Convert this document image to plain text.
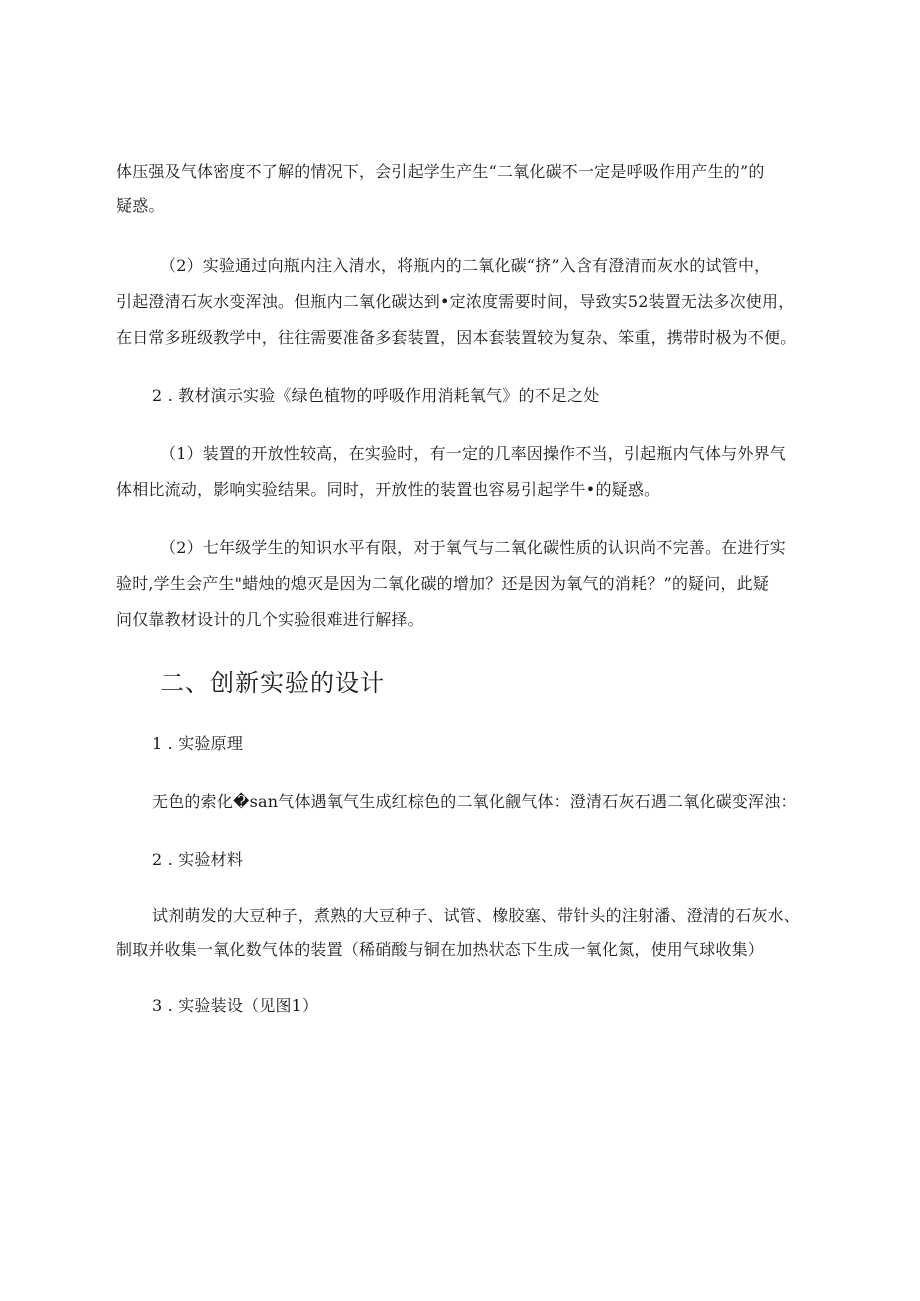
体压强及气体密度不了解的情况下，会引起学生产生“二氧化碳不一定是呼吸作用产生的”的
疑惑。
（2）实验通过向瓶内注入清水，将瓶内的二氧化碳“挤”入含有澄清而灰水的试管中，
引起澄清石灰水变浑浊。但瓶内二氧化碳达到•定浓度需要时间，导致实52装置无法多次使用，
在日常多班级教学中，往往需要准备多套装置，因本套装置较为复杂、笨重，携带时极为不便。
2 . 教材演示实验《绿色植物的呼吸作用消耗氧气》的不足之处
（1）装置的开放性较高，在实验时，有一定的几率因操作不当，引起瓶内气体与外界气
体相比流动，影响实验结果。同时，开放性的装置也容易引起学牛•的疑惑。
（2）七年级学生的知识水平有限，对于氧气与二氧化碳性质的认识尚不完善。在进行实
验时,学生会产生"蜡烛的熄灭是因为二氧化碳的增加？还是因为氧气的消耗？”的疑问，此疑
问仅靠教材设计的几个实验很难进行解择。
二、创新实验的设计
1 . 实验原理
无色的索化�san气体遇氧气生成红棕色的二氧化觎气体：澄清石灰石遇二氧化碳变浑浊：
2 . 实验材料
试剂萌发的大豆种子，煮熟的大豆种子、试管、橡胶塞、带针头的注射潘、澄清的石灰水、
制取并收集一氧化数气体的装置（稀硝酸与铜在加热状态下生成一氧化氮，使用气球收集）
3 . 实验装设（见图1）
